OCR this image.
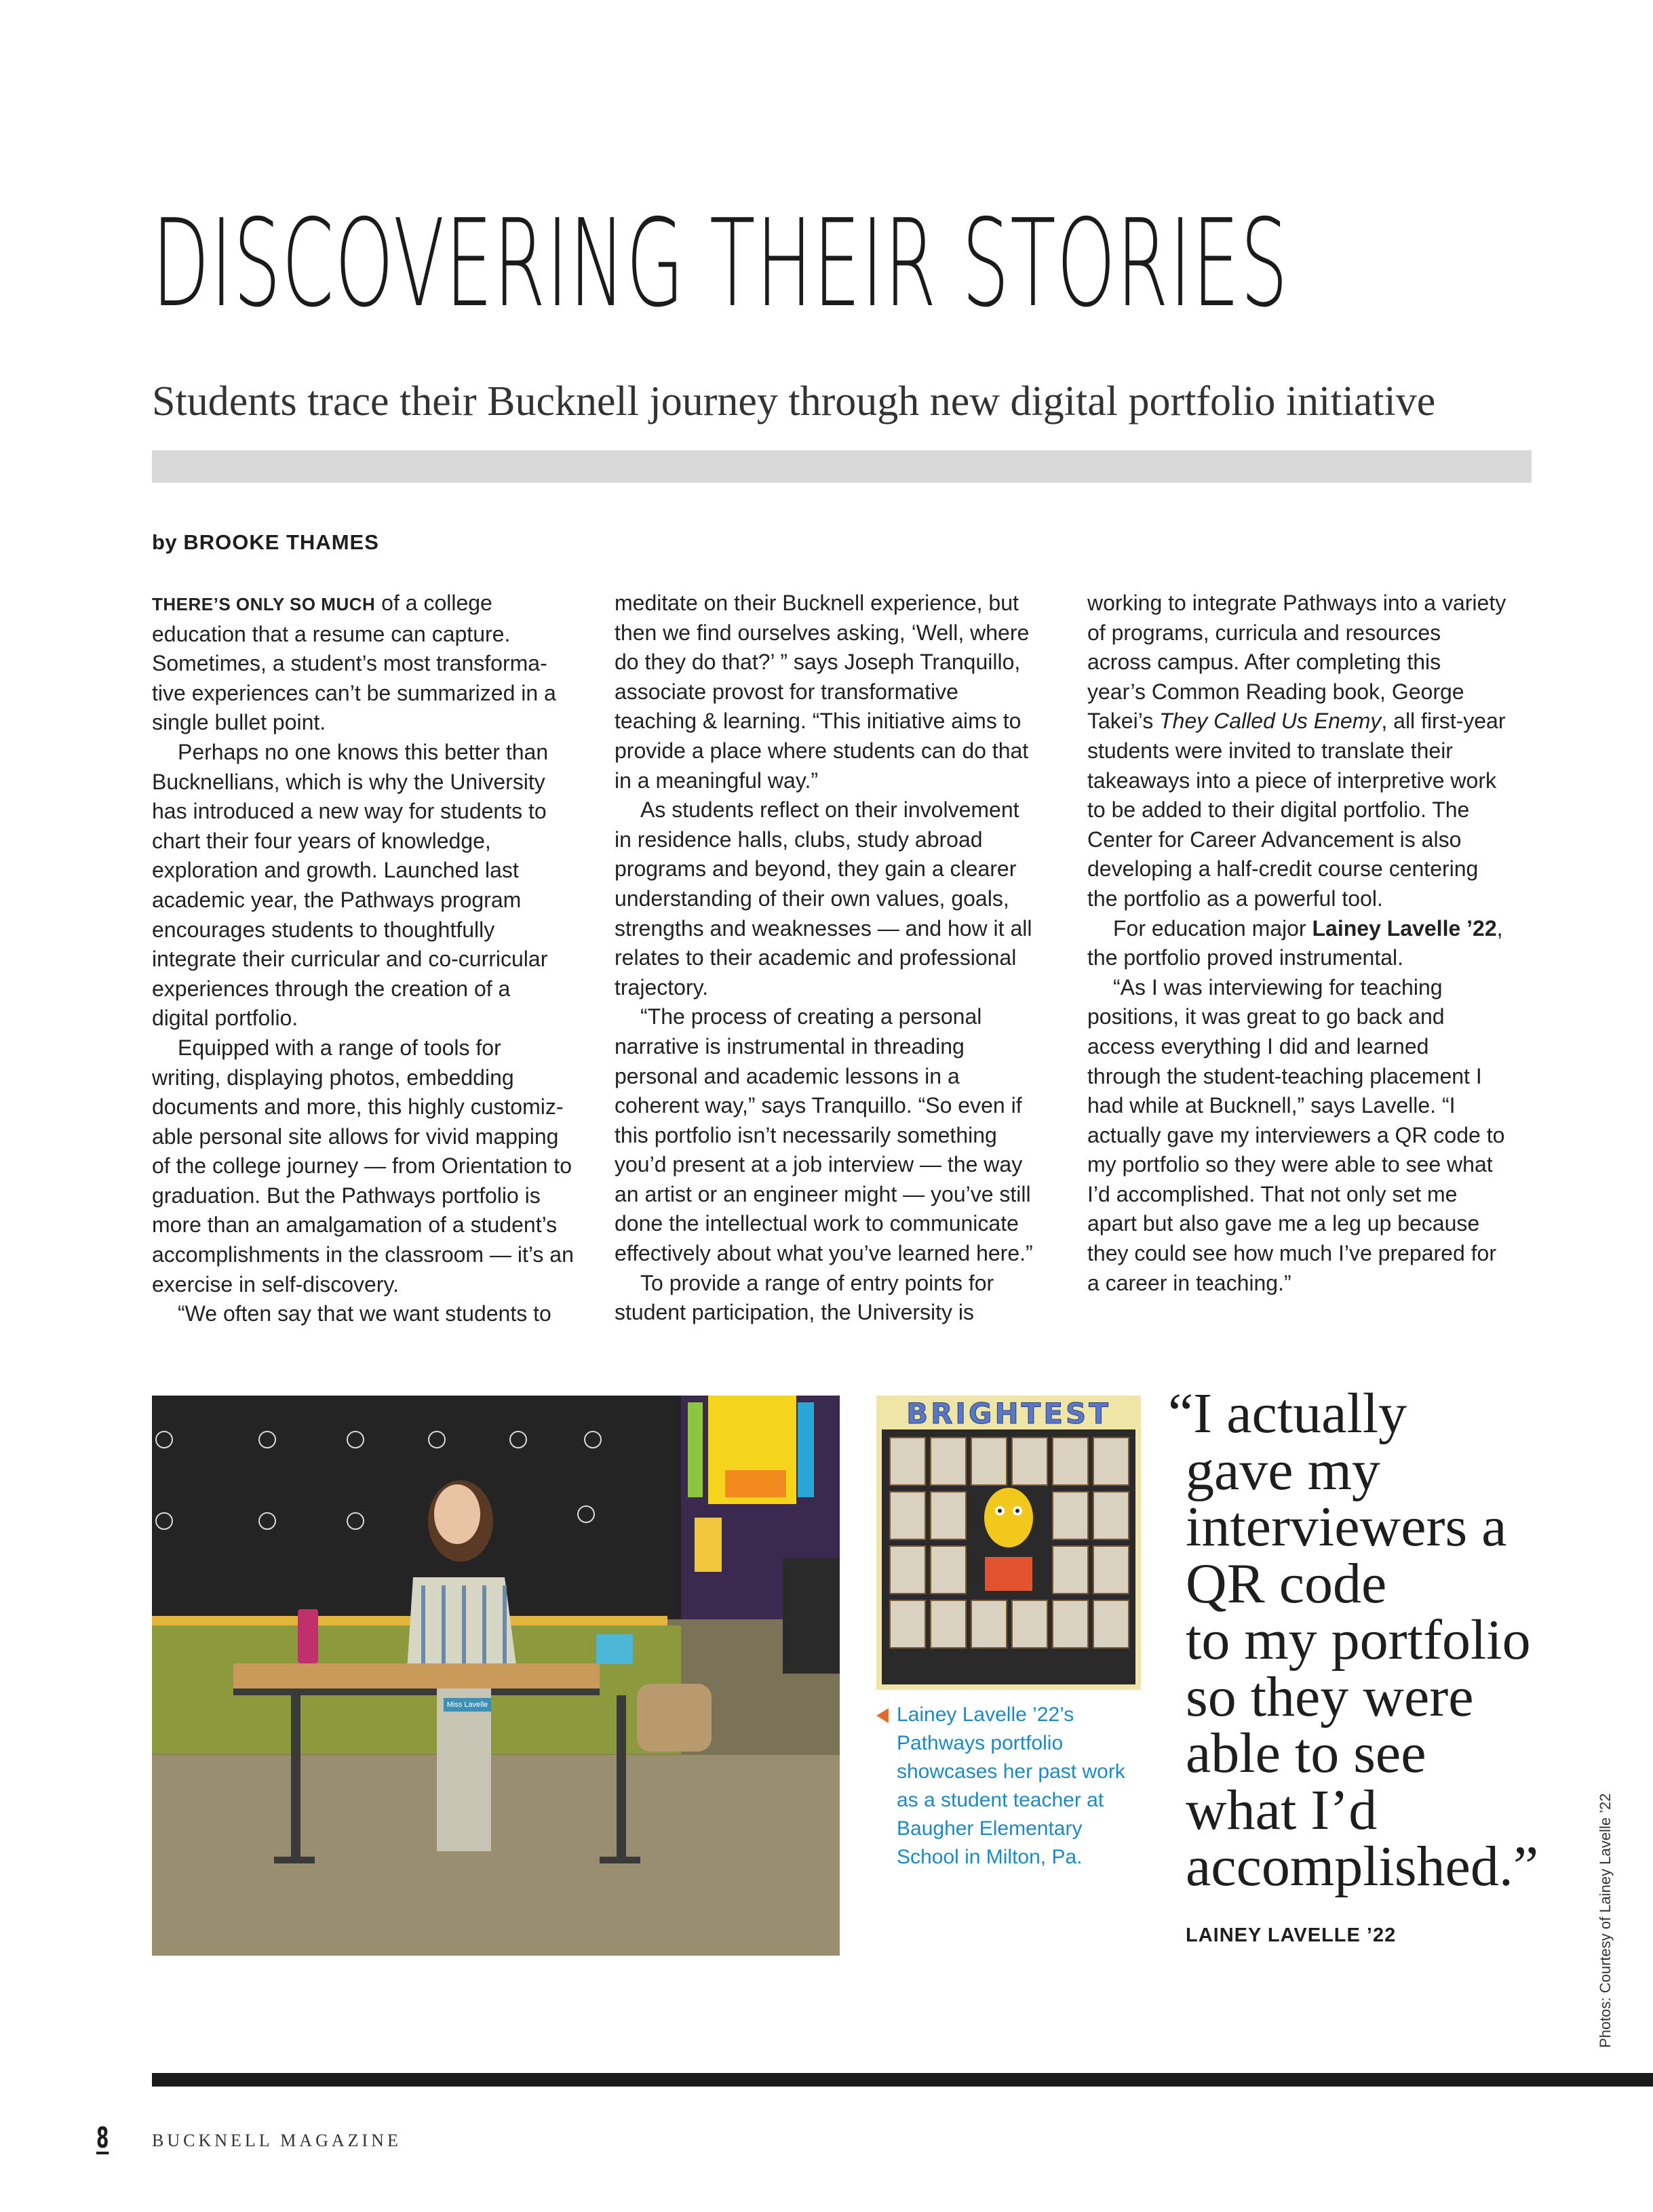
DISCOVERING THEIR STORIES
Students trace their Bucknell journey through new digital portfolio initiative
by BROOKE THAMES
THERE’S ONLY SO MUCH of a college
education that a resume can capture.
Sometimes, a student’s most transforma-
tive experiences can’t be summarized in a
single bullet point.
Perhaps no one knows this better than
Bucknellians, which is why the University
has introduced a new way for students to
chart their four years of knowledge,
exploration and growth. Launched last
academic year, the Pathways program
encourages students to thoughtfully
integrate their curricular and co-curricular
experiences through the creation of a
digital portfolio.
Equipped with a range of tools for
writing, displaying photos, embedding
documents and more, this highly customiz-
able personal site allows for vivid mapping
of the college journey — from Orientation to
graduation. But the Pathways portfolio is
more than an amalgamation of a student’s
accomplishments in the classroom — it’s an
exercise in self-discovery.
“We often say that we want students to
meditate on their Bucknell experience, but
then we find ourselves asking, ‘Well, where
do they do that?’ ” says Joseph Tranquillo,
associate provost for transformative
teaching & learning. “This initiative aims to
provide a place where students can do that
in a meaningful way.”
As students reflect on their involvement
in residence halls, clubs, study abroad
programs and beyond, they gain a clearer
understanding of their own values, goals,
strengths and weaknesses — and how it all
relates to their academic and professional
trajectory.
“The process of creating a personal
narrative is instrumental in threading
personal and academic lessons in a
coherent way,” says Tranquillo. “So even if
this portfolio isn’t necessarily something
you’d present at a job interview — the way
an artist or an engineer might — you’ve still
done the intellectual work to communicate
effectively about what you’ve learned here.”
To provide a range of entry points for
student participation, the University is
working to integrate Pathways into a variety
of programs, curricula and resources
across campus. After completing this
year’s Common Reading book, George
Takei’s They Called Us Enemy, all first-year
students were invited to translate their
takeaways into a piece of interpretive work
to be added to their digital portfolio. The
Center for Career Advancement is also
developing a half-credit course centering
the portfolio as a powerful tool.
For education major Lainey Lavelle ’22,
the portfolio proved instrumental.
“As I was interviewing for teaching
positions, it was great to go back and
access everything I did and learned
through the student-teaching placement I
had while at Bucknell,” says Lavelle. “I
actually gave my interviewers a QR code to
my portfolio so they were able to see what
I’d accomplished. That not only set me
apart but also gave me a leg up because
they could see how much I’ve prepared for
a career in teaching.”
Miss Lavelle
BRIGHTEST
Lainey Lavelle ’22’s
Pathways portfolio
showcases her past work
as a student teacher at
Baugher Elementary
School in Milton, Pa.
“I actually
gave my
interviewers a
QR code
to my portfolio
so they were
able to see
what I’d
accomplished.”
LAINEY LAVELLE ’22	Photos: Courtesy of Lainey Lavelle ’22
8 BUCKNELL MAGAZINE
